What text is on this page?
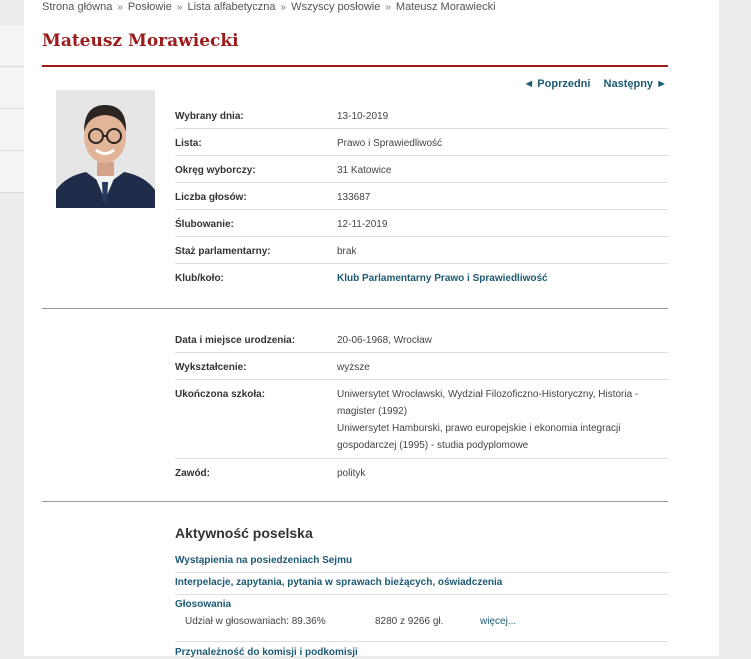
Strona główna » Posłowie » Lista alfabetyczna » Wszyscy posłowie » Mateusz Morawiecki
Mateusz Morawiecki
◄ Poprzedni Następny ►
Wybrany dnia:	13-10-2019
Lista:	Prawo i Sprawiedliwość
Okręg wyborczy:	31 Katowice
Liczba głosów:	133687
Ślubowanie:	12-11-2019
Staż parlamentarny:	brak
Klub/koło:	Klub Parlamentarny Prawo i Sprawiedliwość
Data i miejsce urodzenia:	20-06-1968, Wrocław
Wykształcenie:	wyższe
Ukończona szkoła:	Uniwersytet Wrocławski, Wydział Filozoficzno-Historyczny, Historia - magister (1992)
Uniwersytet Hamburski, prawo europejskie i ekonomia integracji gospodarczej (1995) - studia podyplomowe
Zawód:	polityk
Aktywność poselska
Wystąpienia na posiedzeniach Sejmu
Interpelacje, zapytania, pytania w sprawach bieżących, oświadczenia
Głosowania
Udział w głosowaniach: 89.36%	8280 z 9266 gł.	więcej...
Przynależność do komisji i podkomisji
